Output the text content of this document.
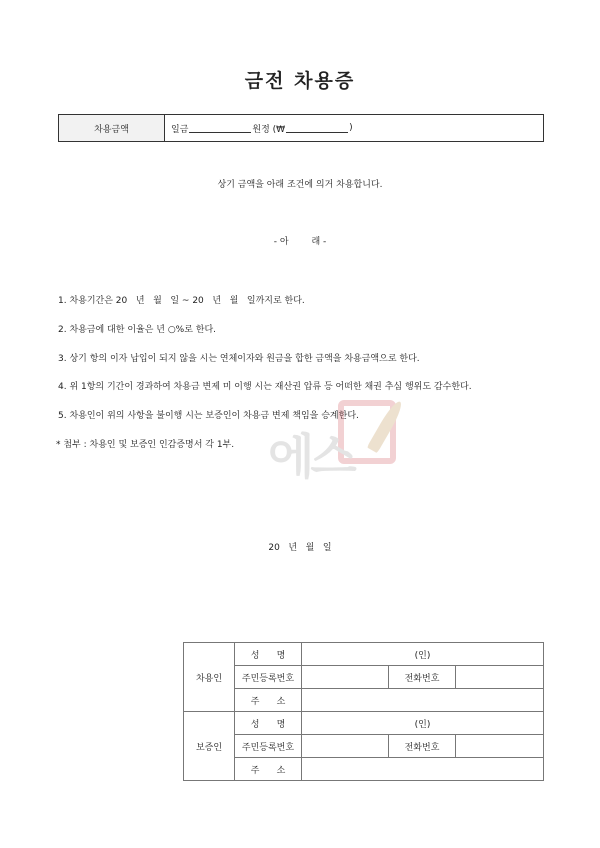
금전 차용증
차용금액	일금	원정 (₩	)
상기 금액을 아래 조건에 의거 차용합니다.
- 아        래 -
1. 차용기간은 20   년   월   일 ~ 20   년   월   일까지로 한다.
2. 차용금에 대한 이율은 년 ○%로 한다.
3. 상기 항의 이자 납입이 되지 않을 시는 연체이자와 원금을 합한 금액을 차용금액으로 한다.
4. 위 1항의 기간이 경과하여 차용금 변제 미 이행 시는 재산권 압류 등 어떠한 채권 추심 행위도 감수한다.
5. 차용인이 위의 사항을 불이행 시는 보증인이 차용금 변제 책임을 승계한다.
* 첨부 : 차용인 및 보증인 인감증명서 각 1부. 에스
20   년   월   일
차용인	성      명	(인)		
	주민등록번호		전화번호	
	주      소			
보증인	성      명	(인)		
	주민등록번호		전화번호	
	주      소			
